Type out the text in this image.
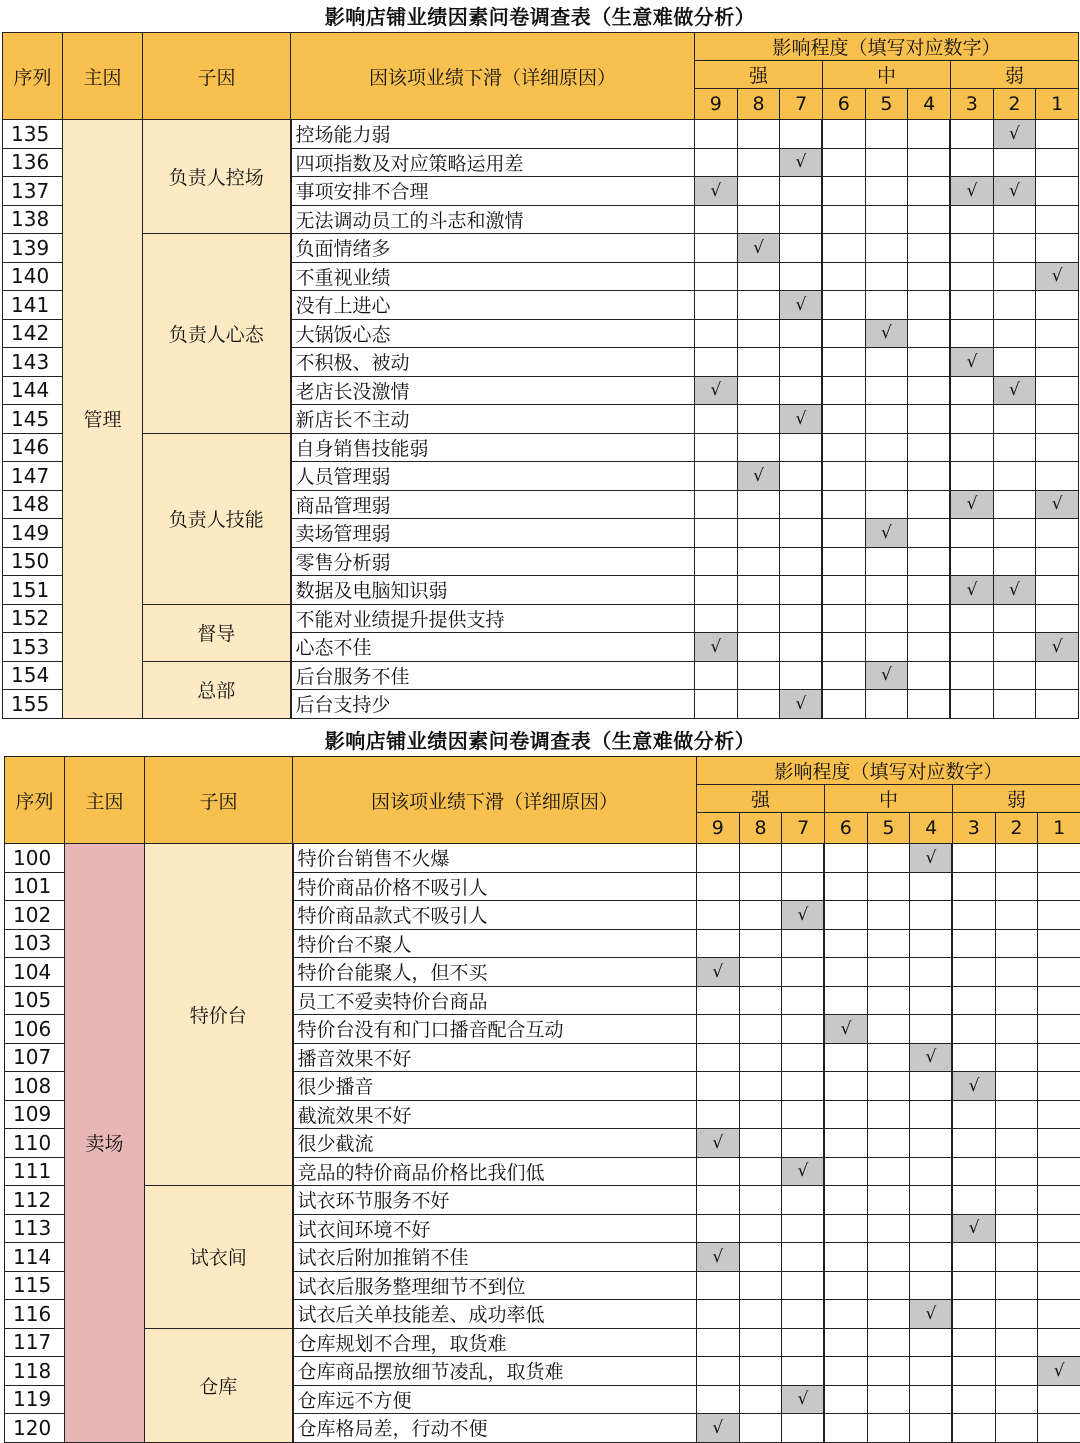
影响店铺业绩因素问卷调查表（生意难做分析）
序列	主因	子因	因该项业绩下滑（详细原因）	影响程度（填写对应数字）								
				强			中			弱		
				9	8	7	6	5	4	3	2	1
135	管理	负责人控场	控场能力弱								√	
136			四项指数及对应策略运用差			√						
137			事项安排不合理	√						√	√	
138			无法调动员工的斗志和激情									
139		负责人心态	负面情绪多		√							
140			不重视业绩									√
141			没有上进心			√						
142			大锅饭心态					√				
143			不积极、被动							√		
144			老店长没激情	√							√	
145			新店长不主动			√						
146		负责人技能	自身销售技能弱									
147			人员管理弱		√							
148			商品管理弱							√		√
149			卖场管理弱					√				
150			零售分析弱									
151			数据及电脑知识弱							√	√	
152		督导	不能对业绩提升提供支持									
153			心态不佳	√								√
154		总部	后台服务不佳					√				
155			后台支持少			√						
影响店铺业绩因素问卷调查表（生意难做分析）
序列	主因	子因	因该项业绩下滑（详细原因）	影响程度（填写对应数字）								
				强			中			弱		
				9	8	7	6	5	4	3	2	1
100	卖场	特价台	特价台销售不火爆						√			
101			特价商品价格不吸引人									
102			特价商品款式不吸引人			√						
103			特价台不聚人									
104			特价台能聚人，但不买	√								
105			员工不爱卖特价台商品									
106			特价台没有和门口播音配合互动				√					
107			播音效果不好						√			
108			很少播音							√		
109			截流效果不好									
110			很少截流	√								
111			竞品的特价商品价格比我们低			√						
112		试衣间	试衣环节服务不好									
113			试衣间环境不好							√		
114			试衣后附加推销不佳	√								
115			试衣后服务整理细节不到位									
116			试衣后关单技能差、成功率低						√			
117		仓库	仓库规划不合理，取货难									
118			仓库商品摆放细节凌乱，取货难									√
119			仓库远不方便			√						
120			仓库格局差，行动不便	√								
